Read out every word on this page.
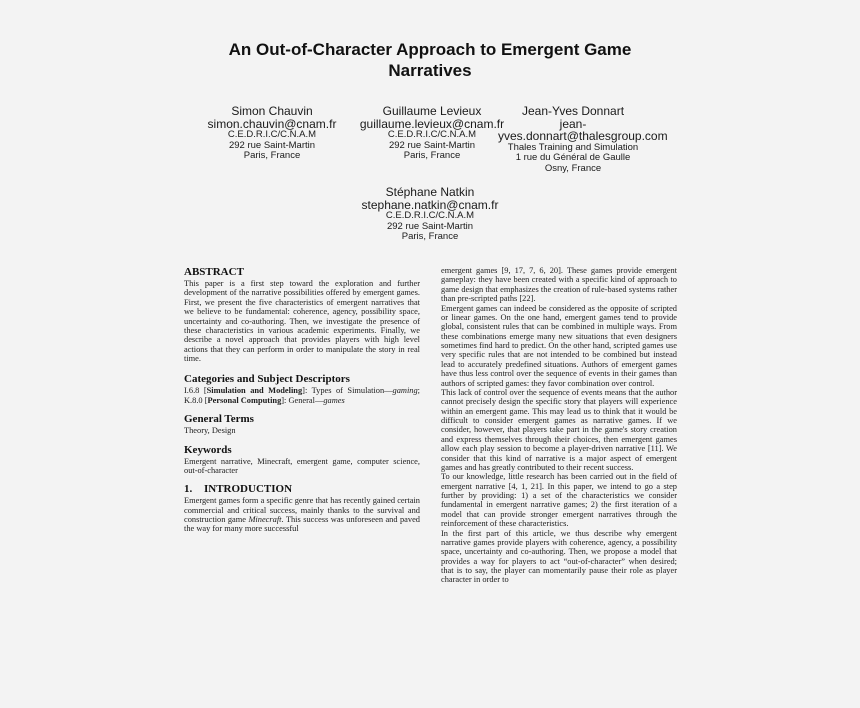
An Out-of-Character Approach to Emergent Game
Narratives
Simon Chauvin
simon.chauvin@cnam.fr
C.E.D.R.I.C/C.N.A.M
292 rue Saint-Martin
Paris, France
Guillaume Levieux
guillaume.levieux@cnam.fr
C.E.D.R.I.C/C.N.A.M
292 rue Saint-Martin
Paris, France
Jean-Yves Donnart
jean-
yves.donnart@thalesgroup.com
Thales Training and Simulation
1 rue du Général de Gaulle
Osny, France
Stéphane Natkin
stephane.natkin@cnam.fr
C.E.D.R.I.C/C.N.A.M
292 rue Saint-Martin
Paris, France
ABSTRACT

This paper is a first step toward the exploration and further development of the narrative possibilities offered by emergent games. First, we present the five characteristics of emergent narratives that we believe to be fundamental: coherence, agency, possibility space, uncertainty and co-authoring. Then, we investigate the presence of these characteristics in various academic experiments. Finally, we describe a novel approach that provides players with high level actions that they can perform in order to manipulate the story in real time.

Categories and Subject Descriptors

I.6.8 [Simulation and Modeling]: Types of Simulation—gaming; K.8.0 [Personal Computing]: General—games

General Terms

Theory, Design

Keywords

Emergent narrative, Minecraft, emergent game, computer science, out-of-character

1. INTRODUCTION

Emergent games form a specific genre that has recently gained certain commercial and critical success, mainly thanks to the survival and construction game Minecraft. This success was unforeseen and paved the way for many more successful

emergent games [9, 17, 7, 6, 20]. These games provide emergent gameplay: they have been created with a specific kind of approach to game design that emphasizes the creation of rule-based systems rather than pre-scripted paths [22].

Emergent games can indeed be considered as the opposite of scripted or linear games. On the one hand, emergent games tend to provide global, consistent rules that can be combined in multiple ways. From these combinations emerge many new situations that even designers sometimes find hard to predict. On the other hand, scripted games use very specific rules that are not intended to be combined but instead lead to accurately predefined situations. Authors of emergent games have thus less control over the sequence of events in their games than authors of scripted games: they favor combination over control.

This lack of control over the sequence of events means that the author cannot precisely design the specific story that players will experience within an emergent game. This may lead us to think that it would be difficult to consider emergent games as narrative games. If we consider, however, that players take part in the game's story creation and express themselves through their choices, then emergent games allow each play session to become a player-driven narrative [11]. We consider that this kind of narrative is a major aspect of emergent games and has greatly contributed to their recent success.

To our knowledge, little research has been carried out in the field of emergent narrative [4, 1, 21]. In this paper, we intend to go a step further by providing: 1) a set of the characteristics we consider fundamental in emergent narrative games; 2) the first iteration of a model that can provide stronger emergent narratives through the reinforcement of these characteristics.

In the first part of this article, we thus describe why emergent narrative games provide players with coherence, agency, a possibility space, uncertainty and co-authoring. Then, we propose a model that provides a way for players to act “out-of-character” when desired; that is to say, the player can momentarily pause their role as player character in order to
